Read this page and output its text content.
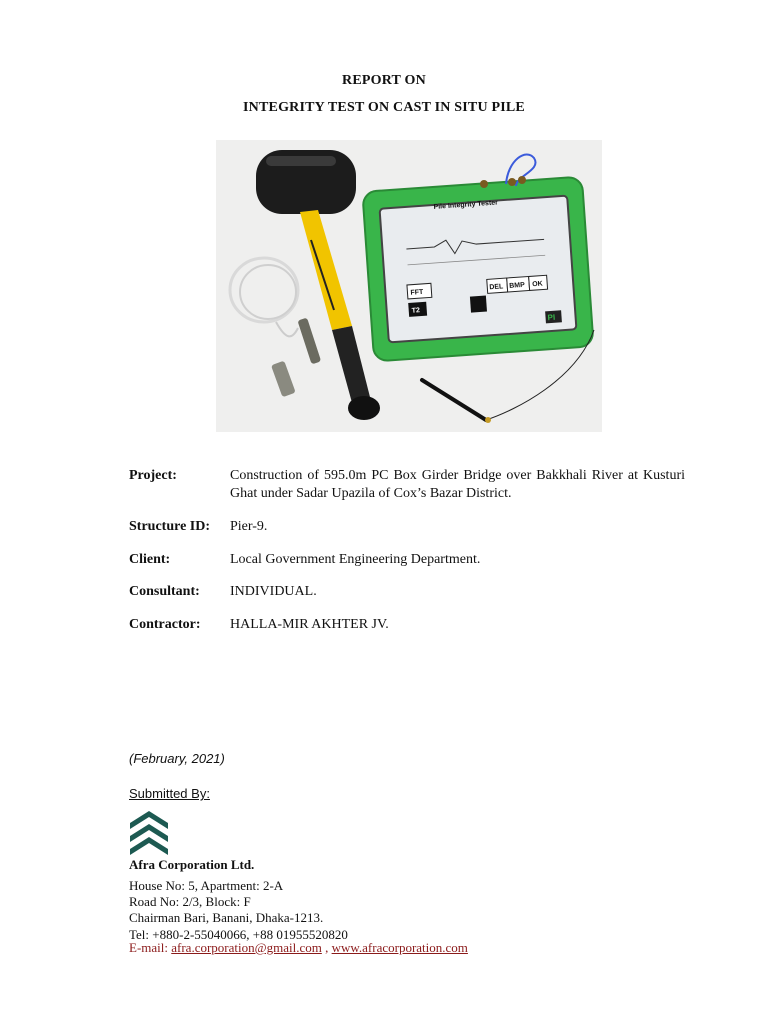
REPORT ON
INTEGRITY TEST ON CAST IN SITU PILE
Pile Integrity Tester
FFT
DEL BMP OK
T2
PI
Project:	Construction of 595.0m PC Box Girder Bridge over Bakkhali River at Kusturi Ghat under Sadar Upazila of Cox’s Bazar District.
Structure ID: Pier-9.
Client:	Local Government Engineering Department.
Consultant: INDIVIDUAL.
Contractor: HALLA-MIR AKHTER JV.
(February, 2021)
Submitted By:
Afra Corporation Ltd.
House No: 5, Apartment: 2-A
Road No: 2/3, Block: F
Chairman Bari, Banani, Dhaka-1213.
Tel: +880-2-55040066, +88 01955520820
E-mail: afra.corporation@gmail.com , www.afracorporation.com
